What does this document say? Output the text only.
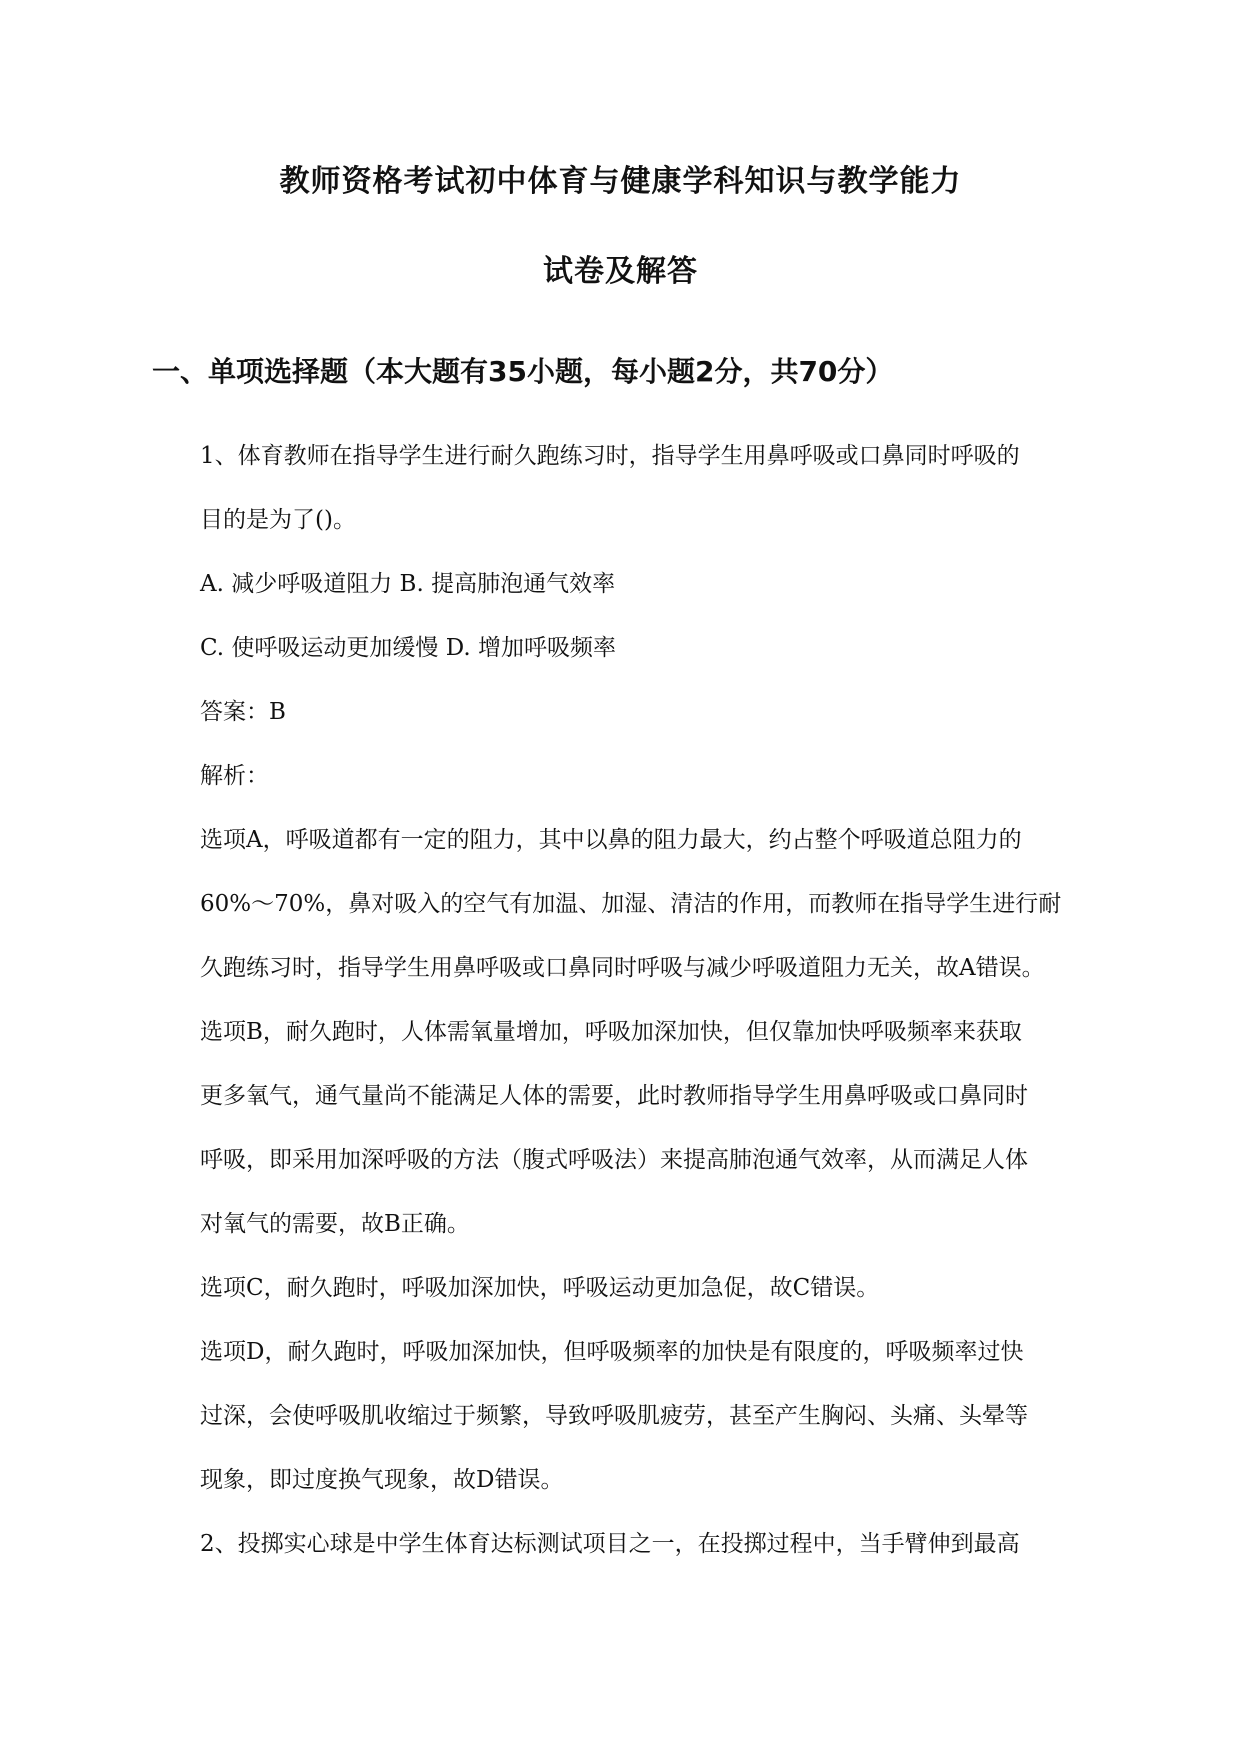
教师资格考试初中体育与健康学科知识与教学能力
试卷及解答
一、单项选择题（本大题有35小题，每小题2分，共70分）
1、体育教师在指导学生进行耐久跑练习时，指导学生用鼻呼吸或口鼻同时呼吸的
目的是为了()。
A. 减少呼吸道阻力 B. 提高肺泡通气效率
C. 使呼吸运动更加缓慢 D. 增加呼吸频率
答案：B
解析：
选项A，呼吸道都有一定的阻力，其中以鼻的阻力最大，约占整个呼吸道总阻力的
60%～70%，鼻对吸入的空气有加温、加湿、清洁的作用，而教师在指导学生进行耐
久跑练习时，指导学生用鼻呼吸或口鼻同时呼吸与减少呼吸道阻力无关，故A错误。
选项B，耐久跑时，人体需氧量增加，呼吸加深加快，但仅靠加快呼吸频率来获取
更多氧气，通气量尚不能满足人体的需要，此时教师指导学生用鼻呼吸或口鼻同时
呼吸，即采用加深呼吸的方法（腹式呼吸法）来提高肺泡通气效率，从而满足人体
对氧气的需要，故B正确。
选项C，耐久跑时，呼吸加深加快，呼吸运动更加急促，故C错误。
选项D，耐久跑时，呼吸加深加快，但呼吸频率的加快是有限度的，呼吸频率过快
过深，会使呼吸肌收缩过于频繁，导致呼吸肌疲劳，甚至产生胸闷、头痛、头晕等
现象，即过度换气现象，故D错误。
2、投掷实心球是中学生体育达标测试项目之一，在投掷过程中，当手臂伸到最高
